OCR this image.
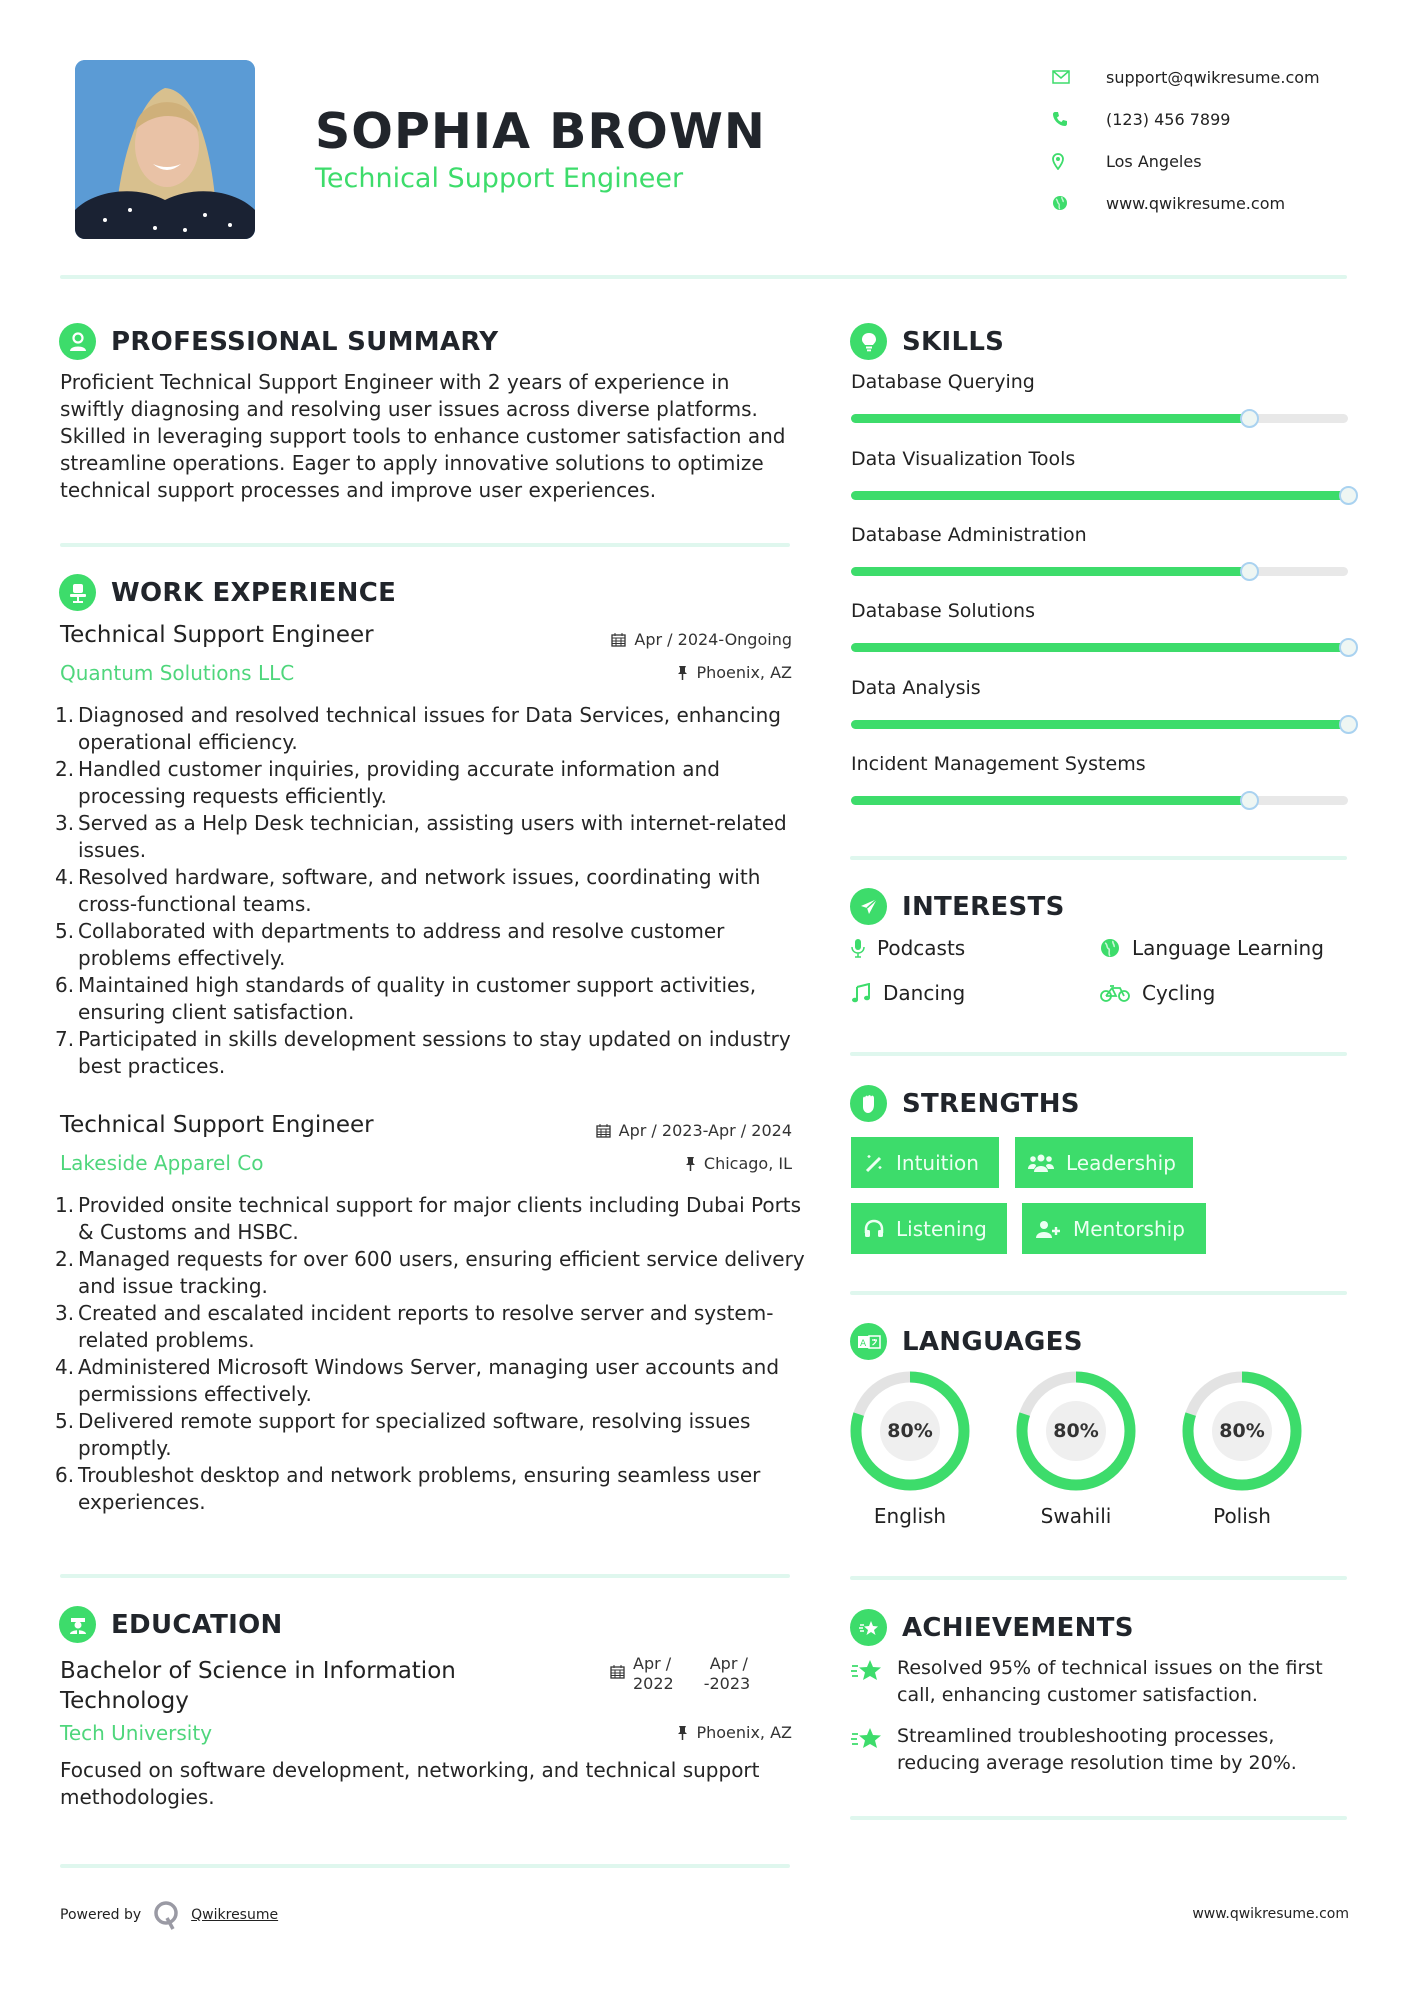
SOPHIA BROWN
Technical Support Engineer
support@qwikresume.com
(123) 456 7899
Los Angeles
www.qwikresume.com
PROFESSIONAL SUMMARY

Proficient Technical Support Engineer with 2 years of experience in swiftly diagnosing and resolving user issues across diverse platforms. Skilled in leveraging support tools to enhance customer satisfaction and streamline operations. Eager to apply innovative solutions to optimize technical support processes and improve user experiences.

WORK EXPERIENCE
Technical Support Engineer	Apr / 2024-Ongoing
Quantum Solutions LLC	Phoenix, AZ
Diagnosed and resolved technical issues for Data Services, enhancing operational efficiency.
Handled customer inquiries, providing accurate information and processing requests efficiently.
Served as a Help Desk technician, assisting users with internet-related issues.
Resolved hardware, software, and network issues, coordinating with cross-functional teams.
Collaborated with departments to address and resolve customer problems effectively.
Maintained high standards of quality in customer support activities, ensuring client satisfaction.
Participated in skills development sessions to stay updated on industry best practices.
Technical Support Engineer	Apr / 2023-Apr / 2024
Lakeside Apparel Co	Chicago, IL
Provided onsite technical support for major clients including Dubai Ports & Customs and HSBC.
Managed requests for over 600 users, ensuring efficient service delivery and issue tracking.
Created and escalated incident reports to resolve server and system-related problems.
Administered Microsoft Windows Server, managing user accounts and permissions effectively.
Delivered remote support for specialized software, resolving issues promptly.
Troubleshot desktop and network problems, ensuring seamless user experiences.
EDUCATION
Bachelor of Science in Information Technology
Apr /
2022
Apr /
-2023
Tech University	Phoenix, AZ

Focused on software development, networking, and technical support methodologies.

SKILLS
Database Querying
Data Visualization Tools
Database Administration
Database Solutions
Data Analysis
Incident Management Systems
INTERESTS
Podcasts	Language Learning
Dancing	Cycling
STRENGTHS
Intuition	Leadership
Listening	Mentorship
A LANGUAGES
80%
English
80%
Swahili
80%
Polish
ACHIEVEMENTS
Resolved 95% of technical issues on the first call, enhancing customer satisfaction.
Streamlined troubleshooting processes, reducing average resolution time by 20%.
Powered by	Qwikresume	www.qwikresume.com
